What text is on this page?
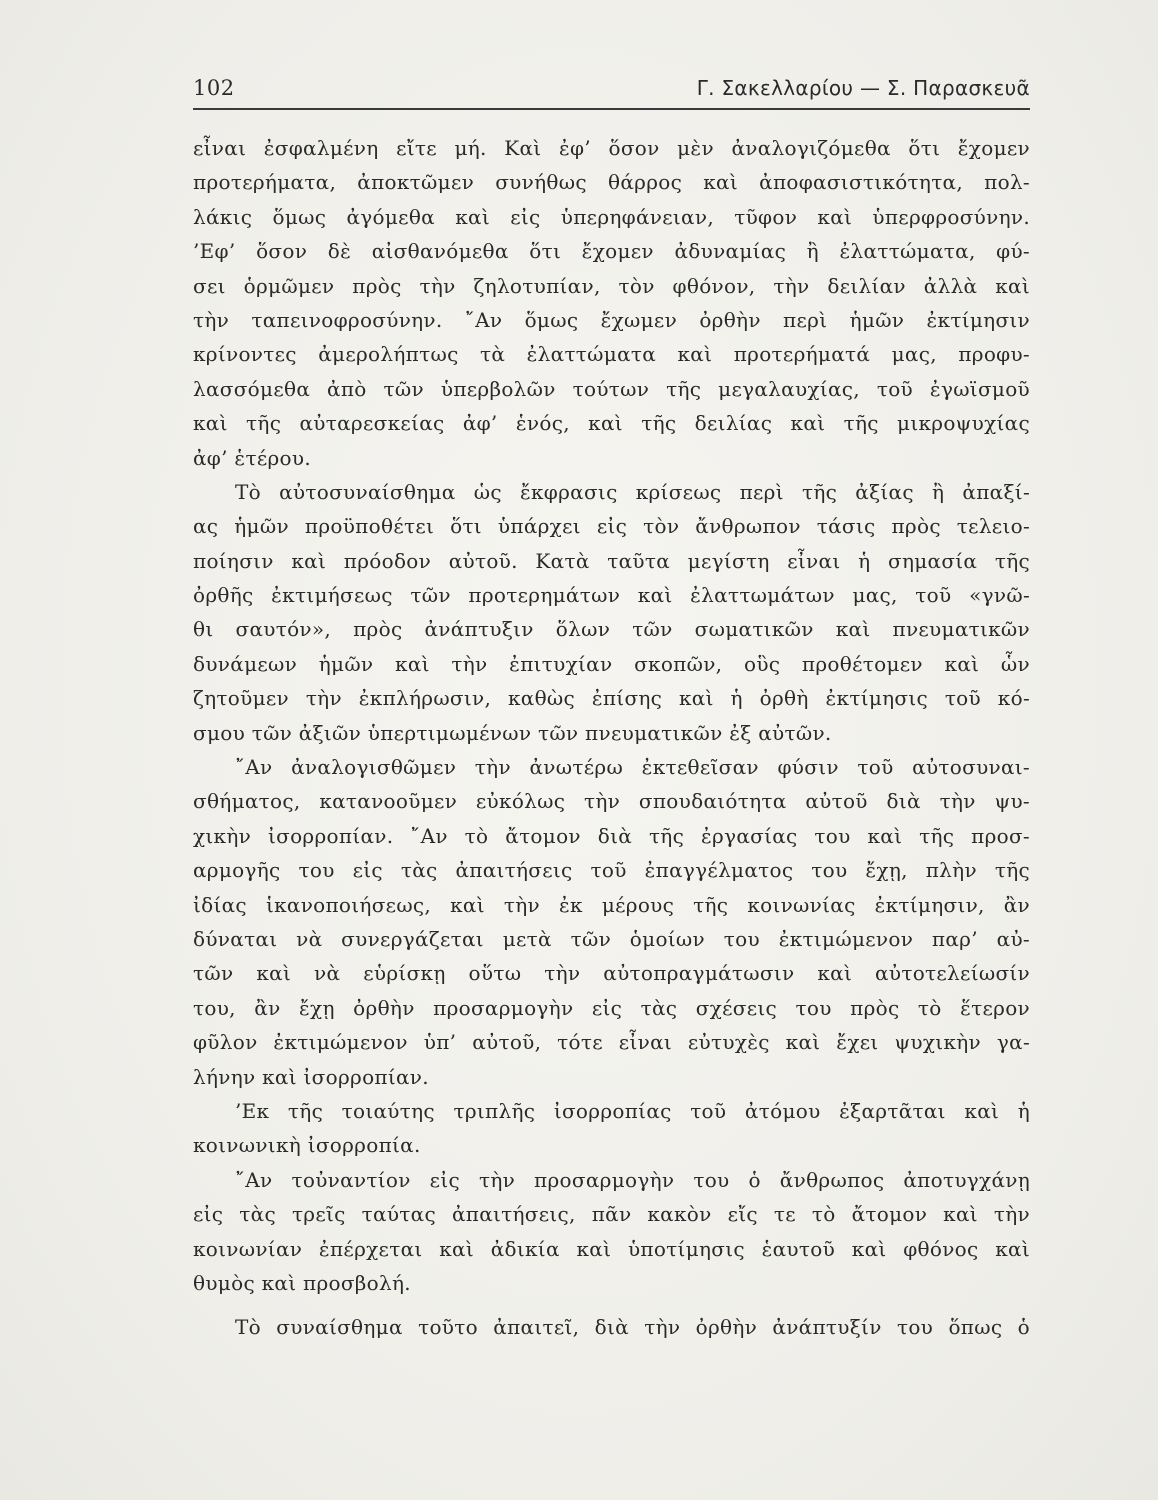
102	Γ. Σακελλαρίου — Σ. Παρασκευᾶ
εἶναι ἐσφαλμένη εἴτε μή. Καὶ ἐφ’ ὅσον μὲν ἀναλογιζόμεθα ὅτι ἔχομεν
προτερήματα, ἀποκτῶμεν συνήθως θάρρος καὶ ἀποφασιστικότητα, πολ-
λάκις ὅμως ἀγόμεθα καὶ εἰς ὑπερηφάνειαν, τῦφον καὶ ὑπερφροσύνην.
’Εφ’ ὅσον δὲ αἰσθανόμεθα ὅτι ἔχομεν ἀδυναμίας ἢ ἐλαττώματα, φύ-
σει ὁρμῶμεν πρὸς τὴν ζηλοτυπίαν, τὸν φθόνον, τὴν δειλίαν ἀλλὰ καὶ
τὴν ταπεινοφροσύνην. ῎Αν ὅμως ἔχωμεν ὀρθὴν περὶ ἡμῶν ἐκτίμησιν
κρίνοντες ἀμερολήπτως τὰ ἐλαττώματα καὶ προτερήματά μας, προφυ-
λασσόμεθα ἀπὸ τῶν ὑπερβολῶν τούτων τῆς μεγαλαυχίας, τοῦ ἐγωϊσμοῦ
καὶ τῆς αὐταρεσκείας ἀφ’ ἑνός, καὶ τῆς δειλίας καὶ τῆς μικροψυχίας
ἀφ’ ἑτέρου.
Τὸ αὐτοσυναίσθημα ὡς ἔκφρασις κρίσεως περὶ τῆς ἀξίας ἢ ἀπαξί-
ας ἡμῶν προϋποθέτει ὅτι ὑπάρχει εἰς τὸν ἄνθρωπον τάσις πρὸς τελειο-
ποίησιν καὶ πρόοδον αὐτοῦ. Κατὰ ταῦτα μεγίστη εἶναι ἡ σημασία τῆς
ὀρθῆς ἐκτιμήσεως τῶν προτερημάτων καὶ ἐλαττωμάτων μας, τοῦ «γνῶ-
θι σαυτόν», πρὸς ἀνάπτυξιν ὅλων τῶν σωματικῶν καὶ πνευματικῶν
δυνάμεων ἡμῶν καὶ τὴν ἐπιτυχίαν σκοπῶν, οὓς προθέτομεν καὶ ὧν
ζητοῦμεν τὴν ἐκπλήρωσιν, καθὼς ἐπίσης καὶ ἡ ὀρθὴ ἐκτίμησις τοῦ κό-
σμου τῶν ἀξιῶν ὑπερτιμωμένων τῶν πνευματικῶν ἐξ αὐτῶν.
῎Αν ἀναλογισθῶμεν τὴν ἀνωτέρω ἐκτεθεῖσαν φύσιν τοῦ αὐτοσυναι-
σθήματος, κατανοοῦμεν εὐκόλως τὴν σπουδαιότητα αὐτοῦ διὰ τὴν ψυ-
χικὴν ἰσορροπίαν. ῎Αν τὸ ἄτομον διὰ τῆς ἐργασίας του καὶ τῆς προσ-
αρμογῆς του εἰς τὰς ἀπαιτήσεις τοῦ ἐπαγγέλματος του ἔχῃ, πλὴν τῆς
ἰδίας ἱκανοποιήσεως, καὶ τὴν ἐκ μέρους τῆς κοινωνίας ἐκτίμησιν, ἂν
δύναται νὰ συνεργάζεται μετὰ τῶν ὁμοίων του ἐκτιμώμενον παρ’ αὐ-
τῶν καὶ νὰ εὑρίσκῃ οὕτω τὴν αὐτοπραγμάτωσιν καὶ αὐτοτελείωσίν
του, ἂν ἔχῃ ὀρθὴν προσαρμογὴν εἰς τὰς σχέσεις του πρὸς τὸ ἕτερον
φῦλον ἐκτιμώμενον ὑπ’ αὐτοῦ, τότε εἶναι εὐτυχὲς καὶ ἔχει ψυχικὴν γα-
λήνην καὶ ἰσορροπίαν.
’Εκ τῆς τοιαύτης τριπλῆς ἰσορροπίας τοῦ ἀτόμου ἐξαρτᾶται καὶ ἡ
κοινωνικὴ ἰσορροπία.
῎Αν τοὐναντίον εἰς τὴν προσαρμογὴν του ὁ ἄνθρωπος ἀποτυγχάνῃ
εἰς τὰς τρεῖς ταύτας ἀπαιτήσεις, πᾶν κακὸν εἴς τε τὸ ἄτομον καὶ τὴν
κοινωνίαν ἐπέρχεται καὶ ἀδικία καὶ ὑποτίμησις ἑαυτοῦ καὶ φθόνος καὶ
θυμὸς καὶ προσβολή.
Τὸ συναίσθημα τοῦτο ἀπαιτεῖ, διὰ τὴν ὀρθὴν ἀνάπτυξίν του ὅπως ὁ
